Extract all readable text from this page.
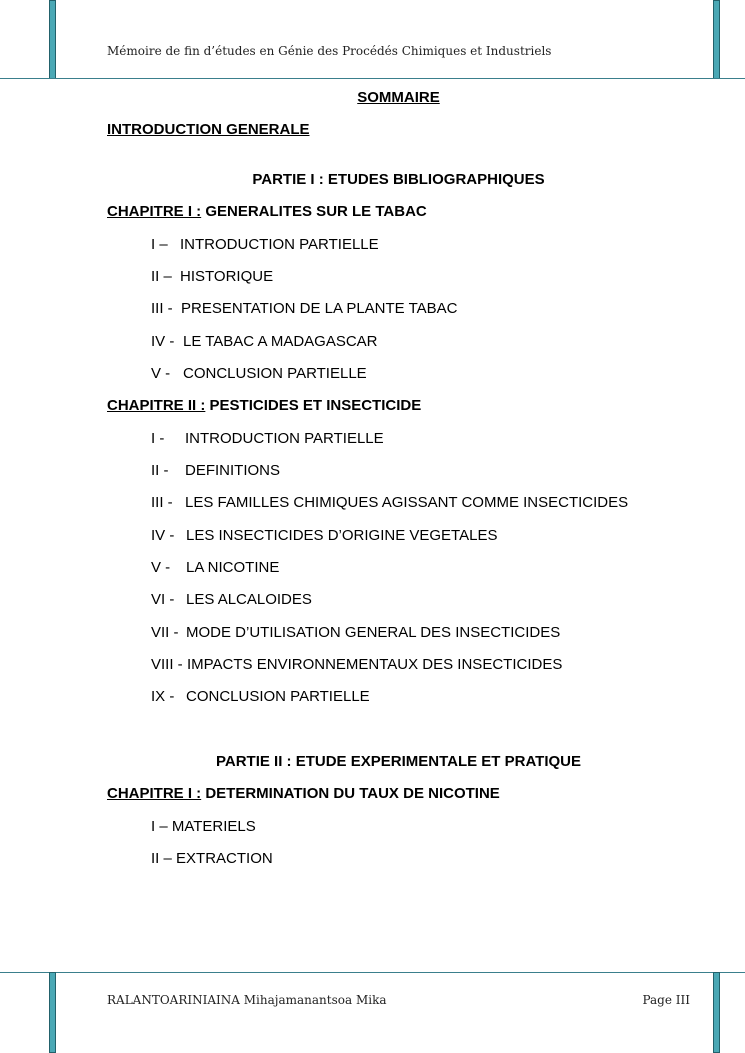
Mémoire de fin d’études en Génie des Procédés Chimiques et Industriels
SOMMAIRE
INTRODUCTION GENERALE
PARTIE I : ETUDES BIBLIOGRAPHIQUES
CHAPITRE I : GENERALITES SUR LE TABAC
I – INTRODUCTION PARTIELLE
II – HISTORIQUE
III - PRESENTATION DE LA PLANTE TABAC
IV - LE TABAC A MADAGASCAR
V - CONCLUSION PARTIELLE
CHAPITRE II : PESTICIDES ET INSECTICIDE
I - INTRODUCTION PARTIELLE
II - DEFINITIONS
III - LES FAMILLES CHIMIQUES AGISSANT COMME INSECTICIDES
IV - LES INSECTICIDES D’ORIGINE VEGETALES
V - LA NICOTINE
VI - LES ALCALOIDES
VII - MODE D’UTILISATION GENERAL DES INSECTICIDES
VIII - IMPACTS ENVIRONNEMENTAUX DES INSECTICIDES
IX - CONCLUSION PARTIELLE
PARTIE II : ETUDE EXPERIMENTALE ET PRATIQUE
CHAPITRE I : DETERMINATION DU TAUX DE NICOTINE
I – MATERIELS
II – EXTRACTION
RALANTOARINIAINA Mihajamanantsoa Mika	Page III
